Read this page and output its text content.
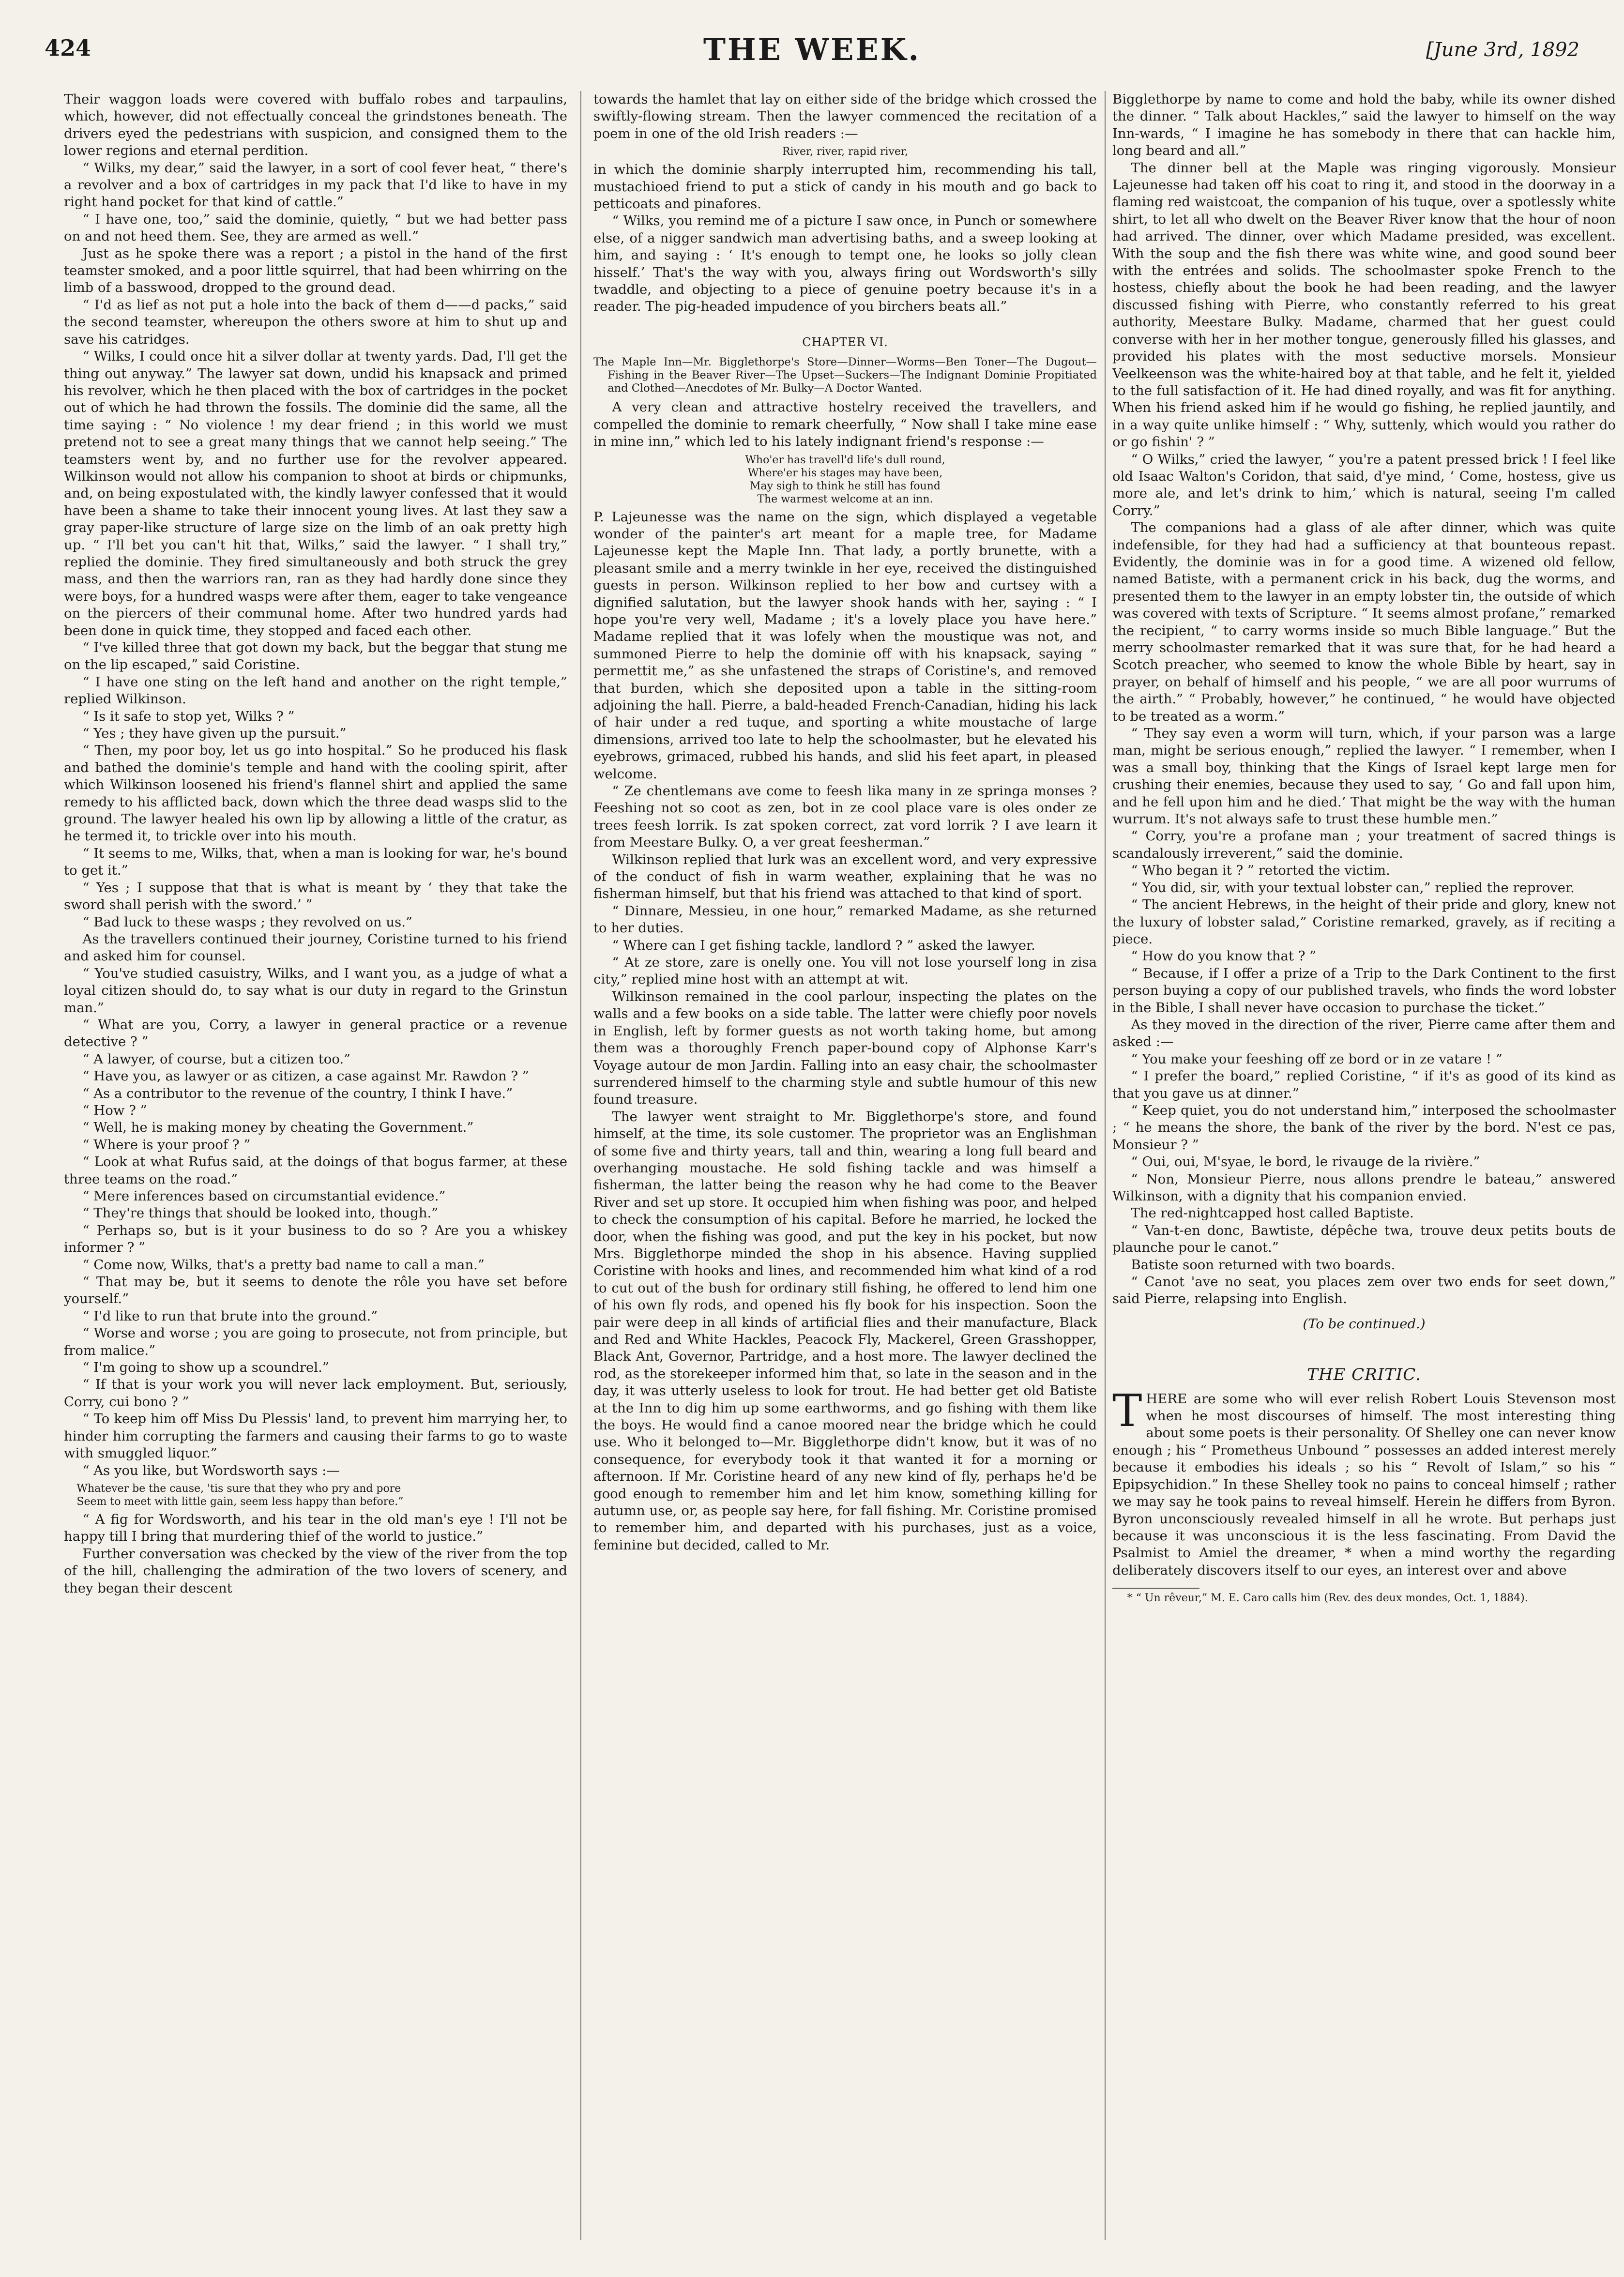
424	THE WEEK.	[June 3rd, 1892

Their waggon loads were covered with buffalo robes and tarpaulins, which, however, did not effectually conceal the grindstones beneath. The drivers eyed the pedestrians with suspicion, and consigned them to the lower regions and eternal perdition.

“ Wilks, my dear,” said the lawyer, in a sort of cool fever heat, “ there's a revolver and a box of cartridges in my pack that I'd like to have in my right hand pocket for that kind of cattle.”

“ I have one, too,” said the dominie, quietly, “ but we had better pass on and not heed them. See, they are armed as well.”

Just as he spoke there was a report ; a pistol in the hand of the first teamster smoked, and a poor little squirrel, that had been whirring on the limb of a basswood, dropped to the ground dead.

“ I'd as lief as not put a hole into the back of them d——d packs,” said the second teamster, whereupon the others swore at him to shut up and save his catridges.

“ Wilks, I could once hit a silver dollar at twenty yards. Dad, I'll get the thing out anyway.” The lawyer sat down, undid his knapsack and primed his revolver, which he then placed with the box of cartridges in the pocket out of which he had thrown the fossils. The dominie did the same, all the time saying : “ No violence ! my dear friend ; in this world we must pretend not to see a great many things that we cannot help seeing.” The teamsters went by, and no further use for the revolver appeared. Wilkinson would not allow his companion to shoot at birds or chipmunks, and, on being expostulated with, the kindly lawyer confessed that it would have been a shame to take their innocent young lives. At last they saw a gray paper-like structure of large size on the limb of an oak pretty high up. “ I'll bet you can't hit that, Wilks,” said the lawyer. “ I shall try,” replied the dominie. They fired simultaneously and both struck the grey mass, and then the warriors ran, ran as they had hardly done since they were boys, for a hundred wasps were after them, eager to take vengeance on the piercers of their communal home. After two hundred yards had been done in quick time, they stopped and faced each other.

“ I've killed three that got down my back, but the beggar that stung me on the lip escaped,” said Coristine.

“ I have one sting on the left hand and another on the right temple,” replied Wilkinson.

“ Is it safe to stop yet, Wilks ? ”

“ Yes ; they have given up the pursuit.”

“ Then, my poor boy, let us go into hospital.” So he produced his flask and bathed the dominie's temple and hand with the cooling spirit, after which Wilkinson loosened his friend's flannel shirt and applied the same remedy to his afflicted back, down which the three dead wasps slid to the ground. The lawyer healed his own lip by allowing a little of the cratur, as he termed it, to trickle over into his mouth.

“ It seems to me, Wilks, that, when a man is looking for war, he's bound to get it.”

“ Yes ; I suppose that that is what is meant by ‘ they that take the sword shall perish with the sword.’ ”

“ Bad luck to these wasps ; they revolved on us.”

As the travellers continued their journey, Coristine turned to his friend and asked him for counsel.

“ You've studied casuistry, Wilks, and I want you, as a judge of what a loyal citizen should do, to say what is our duty in regard to the Grinstun man.”

“ What are you, Corry, a lawyer in general practice or a revenue detective ? ”

“ A lawyer, of course, but a citizen too.”

“ Have you, as lawyer or as citizen, a case against Mr. Rawdon ? ”

“ As a contributor to the revenue of the country, I think I have.”

“ How ? ”

“ Well, he is making money by cheating the Government.”

“ Where is your proof ? ”

“ Look at what Rufus said, at the doings of that bogus farmer, at these three teams on the road.”

“ Mere inferences based on circumstantial evidence.”

“ They're things that should be looked into, though.”

“ Perhaps so, but is it your business to do so ? Are you a whiskey informer ? ”

“ Come now, Wilks, that's a pretty bad name to call a man.”

“ That may be, but it seems to denote the rôle you have set before yourself.”

“ I'd like to run that brute into the ground.”

“ Worse and worse ; you are going to prosecute, not from principle, but from malice.”

“ I'm going to show up a scoundrel.”

“ If that is your work you will never lack employment. But, seriously, Corry, cui bono ? ”

“ To keep him off Miss Du Plessis' land, to prevent him marrying her, to hinder him corrupting the farmers and causing their farms to go to waste with smuggled liquor.”

“ As you like, but Wordsworth says :—

Whatever be the cause, 'tis sure that they who pry and pore
Seem to meet with little gain, seem less happy than before.”

“ A fig for Wordsworth, and his tear in the old man's eye ! I'll not be happy till I bring that murdering thief of the world to justice.”

Further conversation was checked by the view of the river from the top of the hill, challenging the admiration of the two lovers of scenery, and they began their descent

towards the hamlet that lay on either side of the bridge which crossed the swiftly-flowing stream. Then the lawyer commenced the recitation of a poem in one of the old Irish readers :—

River, river, rapid river,

in which the dominie sharply interrupted him, recommending his tall, mustachioed friend to put a stick of candy in his mouth and go back to petticoats and pinafores.

“ Wilks, you remind me of a picture I saw once, in Punch or somewhere else, of a nigger sandwich man advertising baths, and a sweep looking at him, and saying : ‘ It's enough to tempt one, he looks so jolly clean hisself.’ That's the way with you, always firing out Wordsworth's silly twaddle, and objecting to a piece of genuine poetry because it's in a reader. The pig-headed impudence of you birchers beats all.”

CHAPTER VI.
The Maple Inn—Mr. Bigglethorpe's Store—Dinner—Worms—Ben Toner—The Dugout—Fishing in the Beaver River—The Upset—Suckers—The Indignant Dominie Propitiated and Clothed—Anecdotes of Mr. Bulky—A Doctor Wanted.

A very clean and attractive hostelry received the travellers, and compelled the dominie to remark cheerfully, “ Now shall I take mine ease in mine inn,” which led to his lately indignant friend's response :—

Who'er has travell'd life's dull round,
Where'er his stages may have been,
May sigh to think he still has found
The warmest welcome at an inn.

P. Lajeunesse was the name on the sign, which displayed a vegetable wonder of the painter's art meant for a maple tree, for Madame Lajeunesse kept the Maple Inn. That lady, a portly brunette, with a pleasant smile and a merry twinkle in her eye, received the distinguished guests in person. Wilkinson replied to her bow and curtsey with a dignified salutation, but the lawyer shook hands with her, saying : “ I hope you're very well, Madame ; it's a lovely place you have here.” Madame replied that it was lofely when the moustique was not, and summoned Pierre to help the dominie off with his knapsack, saying “ permettit me,” as she unfastened the straps of Coristine's, and removed that burden, which she deposited upon a table in the sitting-room adjoining the hall. Pierre, a bald-headed French-Canadian, hiding his lack of hair under a red tuque, and sporting a white moustache of large dimensions, arrived too late to help the schoolmaster, but he elevated his eyebrows, grimaced, rubbed his hands, and slid his feet apart, in pleased welcome.

“ Ze chentlemans ave come to feesh lika many in ze springa monses ? Feeshing not so coot as zen, bot in ze cool place vare is oles onder ze trees feesh lorrik. Is zat spoken correct, zat vord lorrik ? I ave learn it from Meestare Bulky. O, a ver great feesherman.”

Wilkinson replied that lurk was an excellent word, and very expressive of the conduct of fish in warm weather, explaining that he was no fisherman himself, but that his friend was attached to that kind of sport.

“ Dinnare, Messieu, in one hour,” remarked Madame, as she returned to her duties.

“ Where can I get fishing tackle, landlord ? ” asked the lawyer.

“ At ze store, zare is onelly one. You vill not lose yourself long in zisa city,” replied mine host with an attempt at wit.

Wilkinson remained in the cool parlour, inspecting the plates on the walls and a few books on a side table. The latter were chiefly poor novels in English, left by former guests as not worth taking home, but among them was a thoroughly French paper-bound copy of Alphonse Karr's Voyage autour de mon Jardin. Falling into an easy chair, the schoolmaster surrendered himself to the charming style and subtle humour of this new found treasure.

The lawyer went straight to Mr. Bigglethorpe's store, and found himself, at the time, its sole customer. The proprietor was an Englishman of some five and thirty years, tall and thin, wearing a long full beard and overhanging moustache. He sold fishing tackle and was himself a fisherman, the latter being the reason why he had come to the Beaver River and set up store. It occupied him when fishing was poor, and helped to check the consumption of his capital. Before he married, he locked the door, when the fishing was good, and put the key in his pocket, but now Mrs. Bigglethorpe minded the shop in his absence. Having supplied Coristine with hooks and lines, and recommended him what kind of a rod to cut out of the bush for ordinary still fishing, he offered to lend him one of his own fly rods, and opened his fly book for his inspection. Soon the pair were deep in all kinds of artificial flies and their manufacture, Black and Red and White Hackles, Peacock Fly, Mackerel, Green Grasshopper, Black Ant, Governor, Partridge, and a host more. The lawyer declined the rod, as the storekeeper informed him that, so late in the season and in the day, it was utterly useless to look for trout. He had better get old Batiste at the Inn to dig him up some earthworms, and go fishing with them like the boys. He would find a canoe moored near the bridge which he could use. Who it belonged to—Mr. Bigglethorpe didn't know, but it was of no consequence, for everybody took it that wanted it for a morning or afternoon. If Mr. Coristine heard of any new kind of fly, perhaps he'd be good enough to remember him and let him know, something killing for autumn use, or, as people say here, for fall fishing. Mr. Coristine promised to remember him, and departed with his purchases, just as a voice, feminine but decided, called to Mr.

Bigglethorpe by name to come and hold the baby, while its owner dished the dinner. “ Talk about Hackles,” said the lawyer to himself on the way Inn-wards, “ I imagine he has somebody in there that can hackle him, long beard and all.”

The dinner bell at the Maple was ringing vigorously. Monsieur Lajeunesse had taken off his coat to ring it, and stood in the doorway in a flaming red waistcoat, the companion of his tuque, over a spotlessly white shirt, to let all who dwelt on the Beaver River know that the hour of noon had arrived. The dinner, over which Madame presided, was excellent. With the soup and the fish there was white wine, and good sound beer with the entrées and solids. The schoolmaster spoke French to the hostess, chiefly about the book he had been reading, and the lawyer discussed fishing with Pierre, who constantly referred to his great authority, Meestare Bulky. Madame, charmed that her guest could converse with her in her mother tongue, generously filled his glasses, and provided his plates with the most seductive morsels. Monsieur Veelkeenson was the white-haired boy at that table, and he felt it, yielded to the full satisfaction of it. He had dined royally, and was fit for anything. When his friend asked him if he would go fishing, he replied jauntily, and in a way quite unlike himself : “ Why, suttenly, which would you rather do or go fishin' ? ”

“ O Wilks,” cried the lawyer, “ you're a patent pressed brick ! I feel like old Isaac Walton's Coridon, that said, d'ye mind, ‘ Come, hostess, give us more ale, and let's drink to him,’ which is natural, seeing I'm called Corry.”

The companions had a glass of ale after dinner, which was quite indefensible, for they had had a sufficiency at that bounteous repast. Evidently, the dominie was in for a good time. A wizened old fellow, named Batiste, with a permanent crick in his back, dug the worms, and presented them to the lawyer in an empty lobster tin, the outside of which was covered with texts of Scripture. “ It seems almost profane,” remarked the recipient, “ to carry worms inside so much Bible language.” But the merry schoolmaster remarked that it was sure that, for he had heard a Scotch preacher, who seemed to know the whole Bible by heart, say in prayer, on behalf of himself and his people, “ we are all poor wurrums of the airth.” “ Probably, however,” he continued, “ he would have objected to be treated as a worm.”

“ They say even a worm will turn, which, if your parson was a large man, might be serious enough,” replied the lawyer. “ I remember, when I was a small boy, thinking that the Kings of Israel kept large men for crushing their enemies, because they used to say, ‘ Go and fall upon him, and he fell upon him and he died.’ That might be the way with the human wurrum. It's not always safe to trust these humble men.”

“ Corry, you're a profane man ; your treatment of sacred things is scandalously irreverent,” said the dominie.

“ Who began it ? ” retorted the victim.

“ You did, sir, with your textual lobster can,” replied the reprover.

“ The ancient Hebrews, in the height of their pride and glory, knew not the luxury of lobster salad,” Coristine remarked, gravely, as if reciting a piece.

“ How do you know that ? ”

“ Because, if I offer a prize of a Trip to the Dark Continent to the first person buying a copy of our published travels, who finds the word lobster in the Bible, I shall never have occasion to purchase the ticket.”

As they moved in the direction of the river, Pierre came after them and asked :—

“ You make your feeshing off ze bord or in ze vatare ! ”

“ I prefer the board,” replied Coristine, “ if it's as good of its kind as that you gave us at dinner.”

“ Keep quiet, you do not understand him,” interposed the schoolmaster ; “ he means the shore, the bank of the river by the bord. N'est ce pas, Monsieur ? ”

“ Oui, oui, M'syae, le bord, le rivauge de la rivière.”

“ Non, Monsieur Pierre, nous allons prendre le bateau,” answered Wilkinson, with a dignity that his companion envied.

The red-nightcapped host called Baptiste.

“ Van-t-en donc, Bawtiste, dépêche twa, trouve deux petits bouts de plaunche pour le canot.”

Batiste soon returned with two boards.

“ Canot 'ave no seat, you places zem over two ends for seet down,” said Pierre, relapsing into English.

(To be continued.)
THE CRITIC.

THERE are some who will ever relish Robert Louis Stevenson most when he most discourses of himself. The most interesting thing about some poets is their personality. Of Shelley one can never know enough ; his “ Prometheus Unbound ” possesses an added interest merely because it embodies his ideals ; so his “ Revolt of Islam,” so his “ Epipsychidion.” In these Shelley took no pains to conceal himself ; rather we may say he took pains to reveal himself. Herein he differs from Byron. Byron unconsciously revealed himself in all he wrote. But perhaps just because it was unconscious it is the less fascinating. From David the Psalmist to Amiel the dreamer, * when a mind worthy the regarding deliberately discovers itself to our eyes, an interest over and above

* “ Un rêveur,” M. E. Caro calls him (Rev. des deux mondes, Oct. 1, 1884).
